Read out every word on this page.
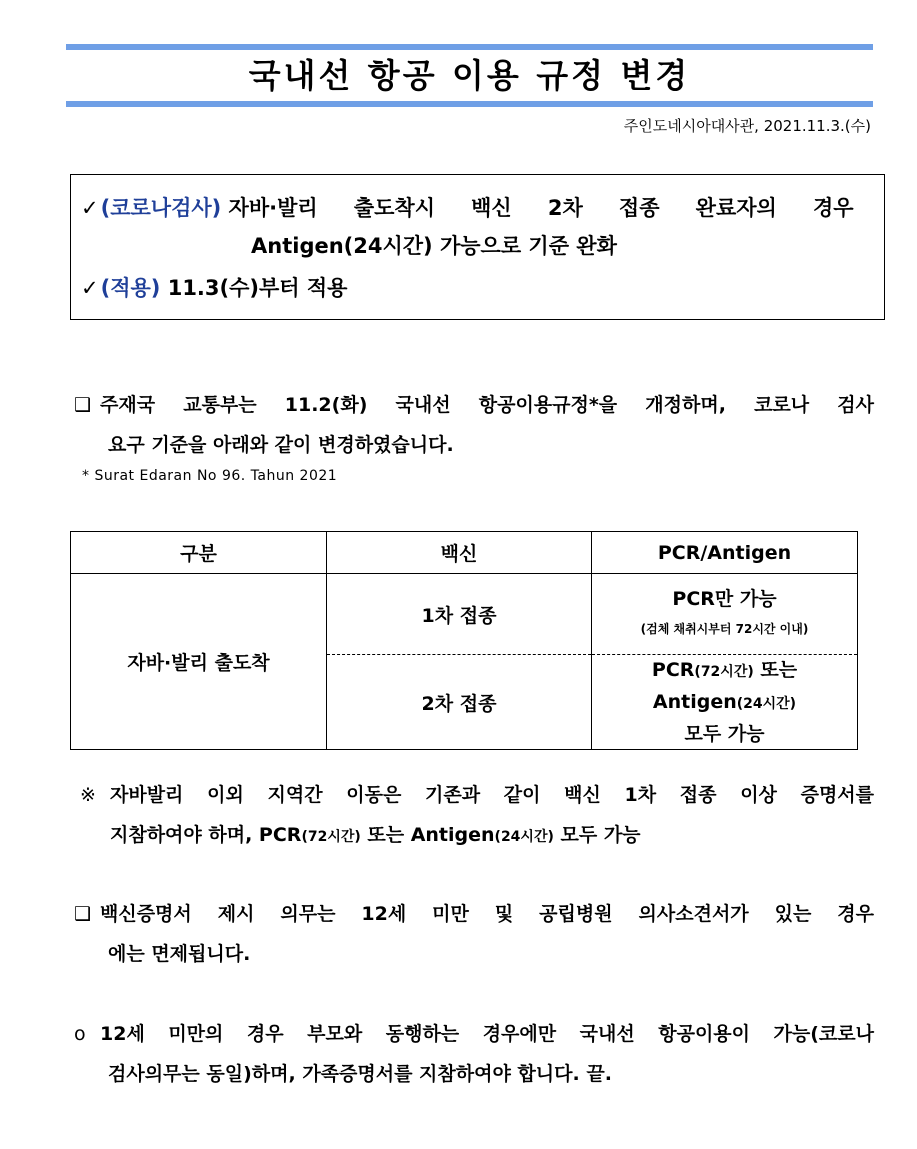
국내선 항공 이용 규정 변경
주인도네시아대사관, 2021.11.3.(수)
✓(코로나검사) 자바·발리 출도착시 백신 2차 접종 완료자의 경우
Antigen(24시간) 가능으로 기준 완화
✓(적용) 11.3(수)부터 적용
❑ 주재국 교통부는 11.2(화) 국내선 항공이용규정*을 개정하며, 코로나 검사
요구 기준을 아래와 같이 변경하였습니다.
* Surat Edaran No 96. Tahun 2021
구분	백신	PCR/Antigen
자바·발리 출도착	1차 접종	PCR만 가능
(검체 채취시부터 72시간 이내)

	2차 접종	PCR(72시간) 또는
Antigen(24시간)
모두 가능
※ 자바발리 이외 지역간 이동은 기존과 같이 백신 1차 접종 이상 증명서를
지참하여야 하며, PCR(72시간) 또는 Antigen(24시간) 모두 가능
❑ 백신증명서 제시 의무는 12세 미만 및 공립병원 의사소견서가 있는 경우
에는 면제됩니다.
o 12세 미만의 경우 부모와 동행하는 경우에만 국내선 항공이용이 가능(코로나
검사의무는 동일)하며, 가족증명서를 지참하여야 합니다. 끝.
